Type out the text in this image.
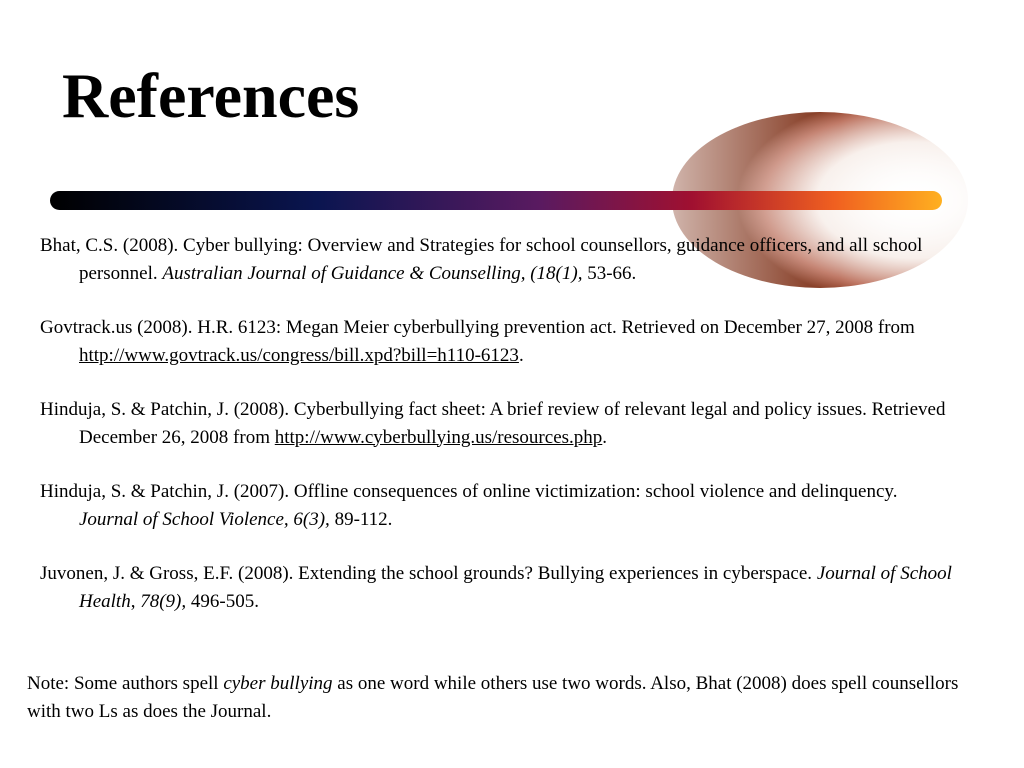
References

Bhat, C.S. (2008). Cyber bullying: Overview and Strategies for school counsellors, guidance officers, and all school personnel. Australian Journal of Guidance & Counselling, (18(1), 53-66.

Govtrack.us (2008). H.R. 6123: Megan Meier cyberbullying prevention act. Retrieved on December 27, 2008 from http://www.govtrack.us/congress/bill.xpd?bill=h110-6123.

Hinduja, S. & Patchin, J. (2008). Cyberbullying fact sheet: A brief review of relevant legal and policy issues. Retrieved December 26, 2008 from http://www.cyberbullying.us/resources.php.

Hinduja, S. & Patchin, J. (2007). Offline consequences of online victimization: school violence and delinquency. Journal of School Violence, 6(3), 89-112.

Juvonen, J. & Gross, E.F. (2008). Extending the school grounds? Bullying experiences in cyberspace. Journal of School Health, 78(9), 496-505.

Note: Some authors spell cyber bullying as one word while others use two words. Also, Bhat (2008) does spell counsellors with two Ls as does the Journal.
